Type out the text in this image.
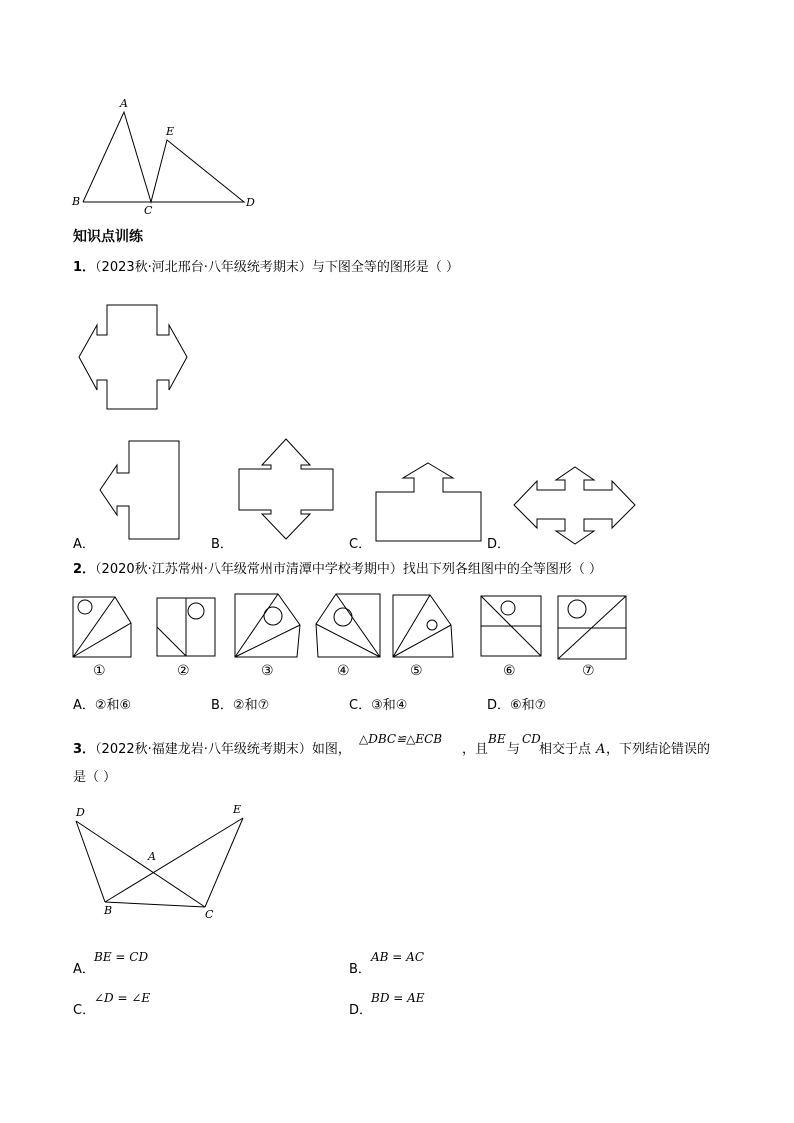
A
E
B
C
D
知识点训练
1．（2023秋·河北邢台·八年级统考期末）与下图全等的图形是（ ）
A．	B．	C．	D．
2．（2020秋·江苏常州·八年级常州市清潭中学校考期中）找出下列各组图中的全等图形（ ）
①	②	③	④	⑤	⑥	⑦
A．②和⑥	B．②和⑦	C．③和④	D．⑥和⑦
3．（2022秋·福建龙岩·八年级统考期末）如图，
△DBC≌△ECB
，且
BE
与
CD
相交于点 A ，下列结论错误的
是（ ）
D	E
A
B	C
A．
BE = CD
B．
AB = AC
C．
∠D = ∠E
D．
BD = AE
